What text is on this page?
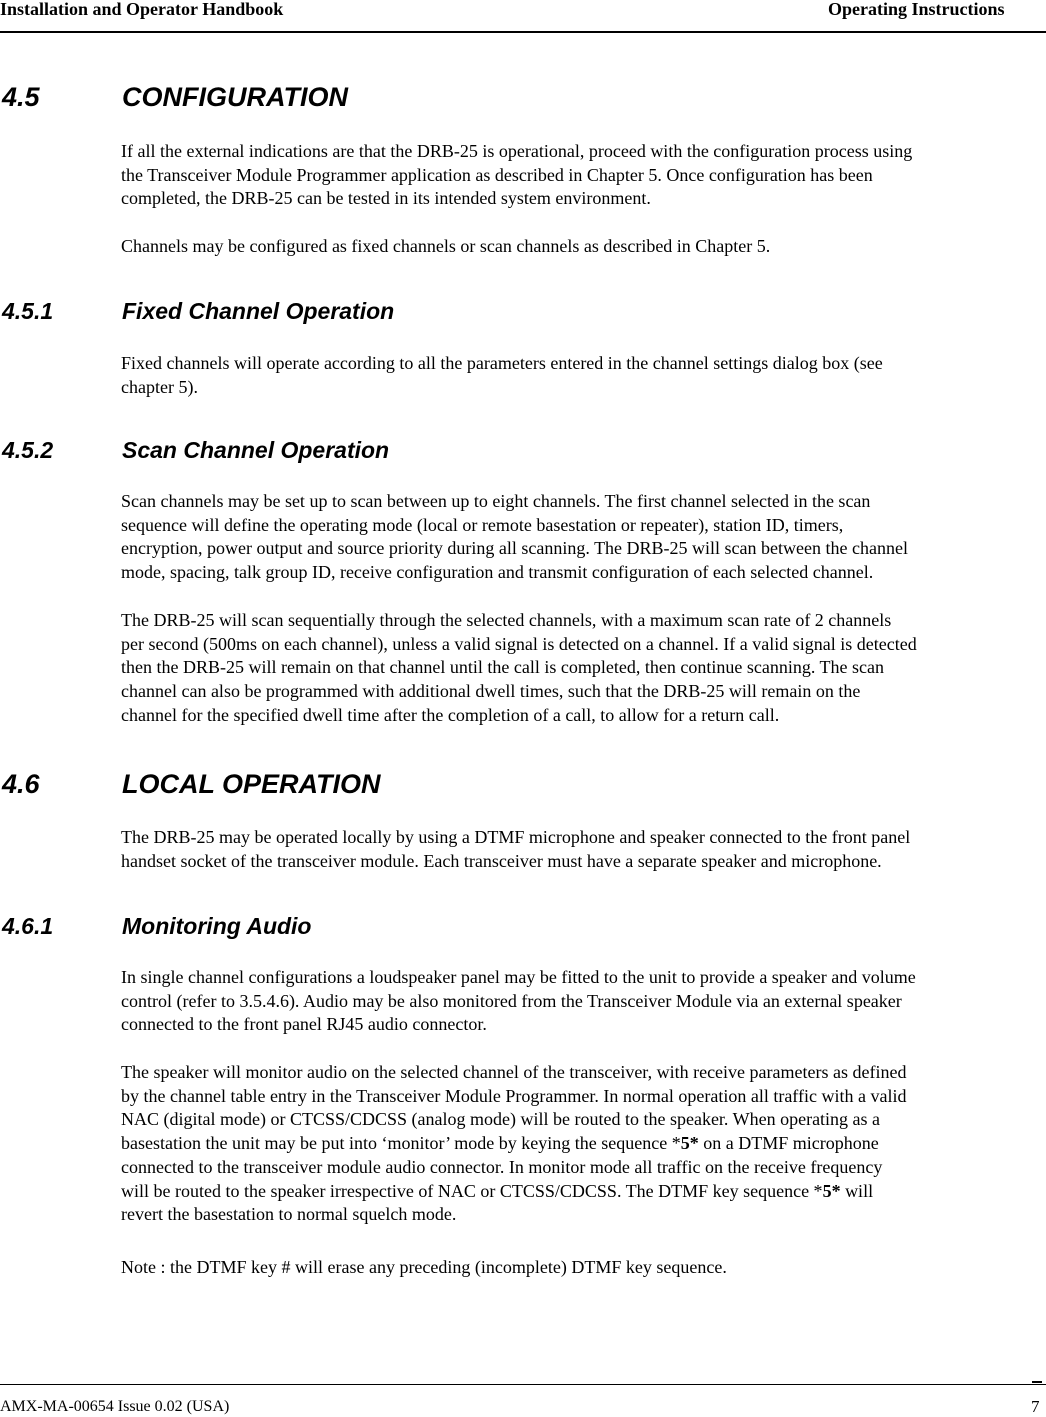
Installation and Operator Handbook	Operating Instructions
4.5	CONFIGURATION

If all the external indications are that the DRB-25 is operational, proceed with the configuration process using
the Transceiver Module Programmer application as described in Chapter 5. Once configuration has been
completed, the DRB-25 can be tested in its intended system environment.

Channels may be configured as fixed channels or scan channels as described in Chapter 5.

4.5.1	Fixed Channel Operation

Fixed channels will operate according to all the parameters entered in the channel settings dialog box (see
chapter 5).

4.5.2	Scan Channel Operation

Scan channels may be set up to scan between up to eight channels. The first channel selected in the scan
sequence will define the operating mode (local or remote basestation or repeater), station ID, timers,
encryption, power output and source priority during all scanning. The DRB-25 will scan between the channel
mode, spacing, talk group ID, receive configuration and transmit configuration of each selected channel.

The DRB-25 will scan sequentially through the selected channels, with a maximum scan rate of 2 channels
per second (500ms on each channel), unless a valid signal is detected on a channel. If a valid signal is detected
then the DRB-25 will remain on that channel until the call is completed, then continue scanning. The scan
channel can also be programmed with additional dwell times, such that the DRB-25 will remain on the
channel for the specified dwell time after the completion of a call, to allow for a return call.

4.6	LOCAL OPERATION

The DRB-25 may be operated locally by using a DTMF microphone and speaker connected to the front panel
handset socket of the transceiver module. Each transceiver must have a separate speaker and microphone.

4.6.1	Monitoring Audio

In single channel configurations a loudspeaker panel may be fitted to the unit to provide a speaker and volume
control (refer to 3.5.4.6). Audio may be also monitored from the Transceiver Module via an external speaker
connected to the front panel RJ45 audio connector.

The speaker will monitor audio on the selected channel of the transceiver, with receive parameters as defined
by the channel table entry in the Transceiver Module Programmer. In normal operation all traffic with a valid
NAC (digital mode) or CTCSS/CDCSS (analog mode) will be routed to the speaker. When operating as a
basestation the unit may be put into ‘monitor’ mode by keying the sequence *5* on a DTMF microphone
connected to the transceiver module audio connector. In monitor mode all traffic on the receive frequency
will be routed to the speaker irrespective of NAC or CTCSS/CDCSS. The DTMF key sequence *5* will
revert the basestation to normal squelch mode.

Note : the DTMF key # will erase any preceding (incomplete) DTMF key sequence.

AMX-MA-00654 Issue 0.02 (USA)	7
